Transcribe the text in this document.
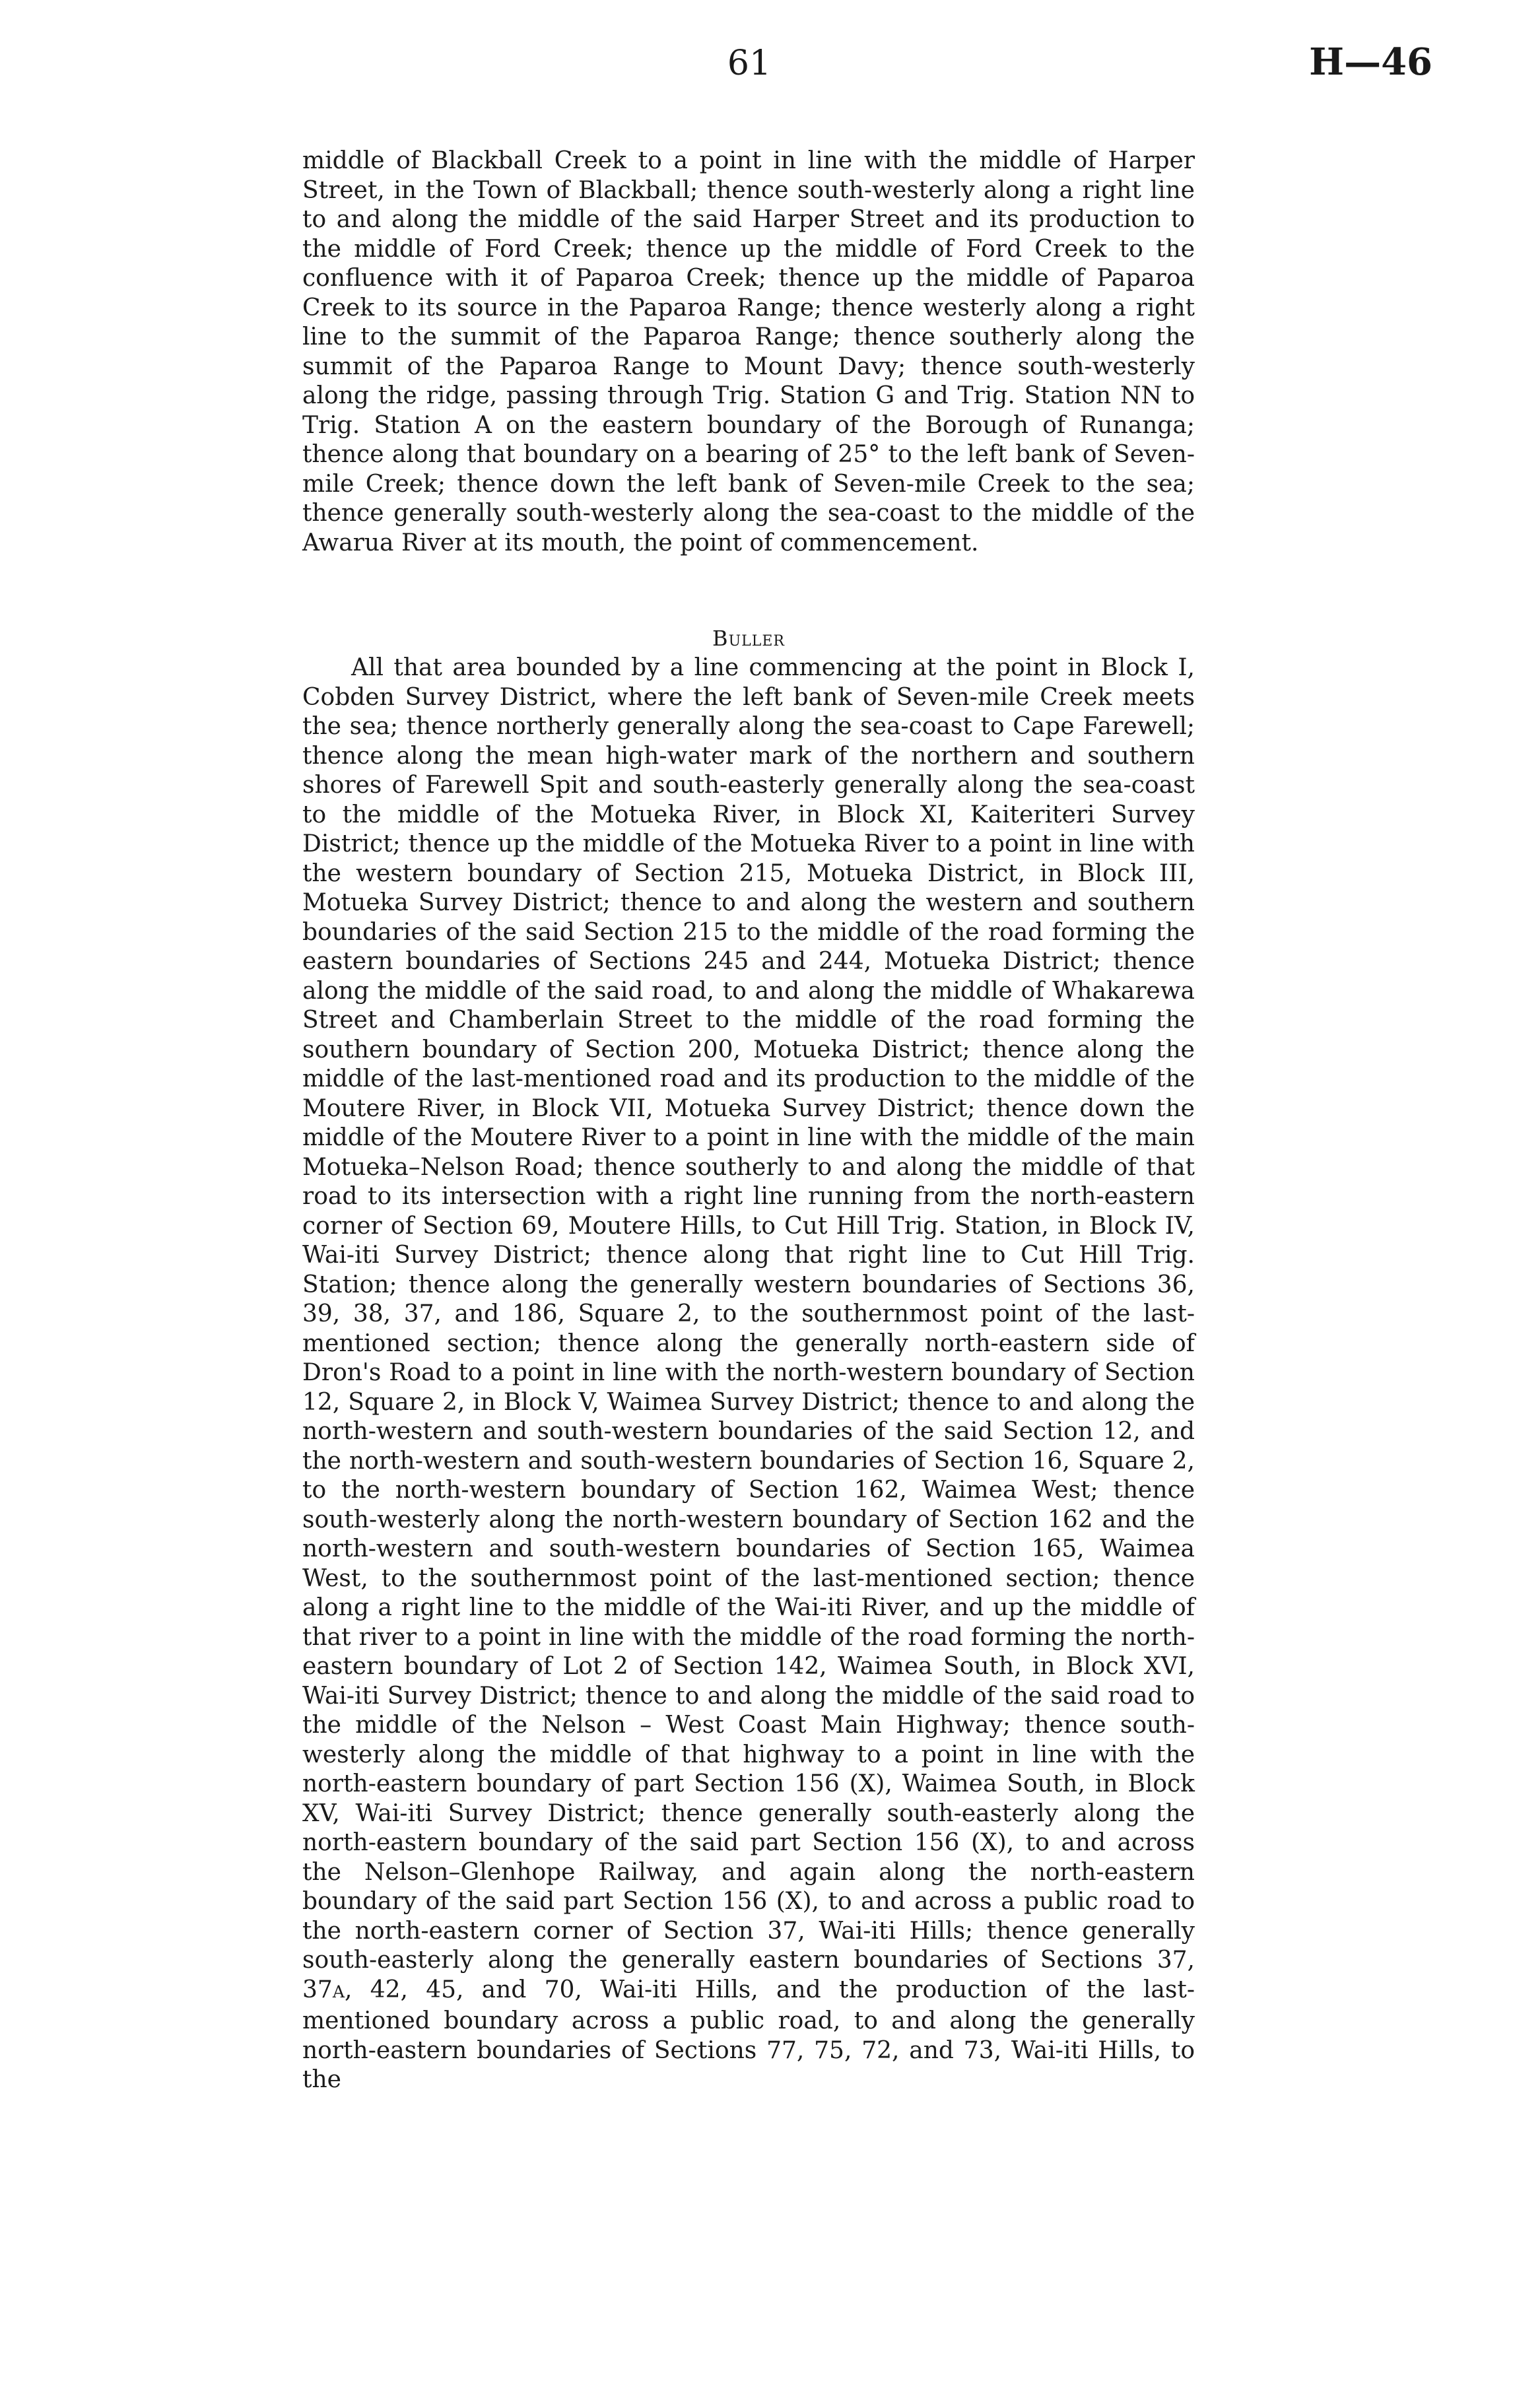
61	H—46
middle of Blackball Creek to a point in line with the middle of Harper Street, in the Town of Blackball; thence south-westerly along a right line to and along the middle of the said Harper Street and its production to the middle of Ford Creek; thence up the middle of Ford Creek to the confluence with it of Paparoa Creek; thence up the middle of Paparoa Creek to its source in the Paparoa Range; thence westerly along a right line to the summit of the Paparoa Range; thence southerly along the summit of the Paparoa Range to Mount Davy; thence south-westerly along the ridge, passing through Trig. Station G and Trig. Station NN to Trig. Station A on the eastern boundary of the Borough of Runanga; thence along that boundary on a bearing of 25° to the left bank of Seven-mile Creek; thence down the left bank of Seven-mile Creek to the sea; thence generally south-westerly along the sea-coast to the middle of the Awarua River at its mouth, the point of commencement.
Buller
All that area bounded by a line commencing at the point in Block I, Cobden Survey District, where the left bank of Seven-mile Creek meets the sea; thence northerly generally along the sea-coast to Cape Farewell; thence along the mean high-water mark of the northern and southern shores of Farewell Spit and south-easterly generally along the sea-coast to the middle of the Motueka River, in Block XI, Kaiteriteri Survey District; thence up the middle of the Motueka River to a point in line with the western boundary of Section 215, Motueka District, in Block III, Motueka Survey District; thence to and along the western and southern boundaries of the said Section 215 to the middle of the road forming the eastern boundaries of Sections 245 and 244, Motueka District; thence along the middle of the said road, to and along the middle of Whakarewa Street and Chamberlain Street to the middle of the road forming the southern boundary of Section 200, Motueka District; thence along the middle of the last-mentioned road and its production to the middle of the Moutere River, in Block VII, Motueka Survey District; thence down the middle of the Moutere River to a point in line with the middle of the main Motueka–Nelson Road; thence southerly to and along the middle of that road to its intersection with a right line running from the north-eastern corner of Section 69, Moutere Hills, to Cut Hill Trig. Station, in Block IV, Wai-iti Survey District; thence along that right line to Cut Hill Trig. Station; thence along the generally western boundaries of Sections 36, 39, 38, 37, and 186, Square 2, to the southernmost point of the last-mentioned section; thence along the generally north-eastern side of Dron's Road to a point in line with the north-western boundary of Section 12, Square 2, in Block V, Waimea Survey District; thence to and along the north-western and south-western boundaries of the said Section 12, and the north-western and south-western boundaries of Section 16, Square 2, to the north-western boundary of Section 162, Waimea West; thence south-westerly along the north-western boundary of Section 162 and the north-western and south-western boundaries of Section 165, Waimea West, to the southernmost point of the last-mentioned section; thence along a right line to the middle of the Wai-iti River, and up the middle of that river to a point in line with the middle of the road forming the north-eastern boundary of Lot 2 of Section 142, Waimea South, in Block XVI, Wai-iti Survey District; thence to and along the middle of the said road to the middle of the Nelson – West Coast Main Highway; thence south-westerly along the middle of that highway to a point in line with the north-eastern boundary of part Section 156 (X), Waimea South, in Block XV, Wai-iti Survey District; thence generally south-easterly along the north-eastern boundary of the said part Section 156 (X), to and across the Nelson–Glenhope Railway, and again along the north-eastern boundary of the said part Section 156 (X), to and across a public road to the north-eastern corner of Section 37, Wai-iti Hills; thence generally south-easterly along the generally eastern boundaries of Sections 37, 37A, 42, 45, and 70, Wai-iti Hills, and the production of the last-mentioned boundary across a public road, to and along the generally north-eastern boundaries of Sections 77, 75, 72, and 73, Wai-iti Hills, to the
